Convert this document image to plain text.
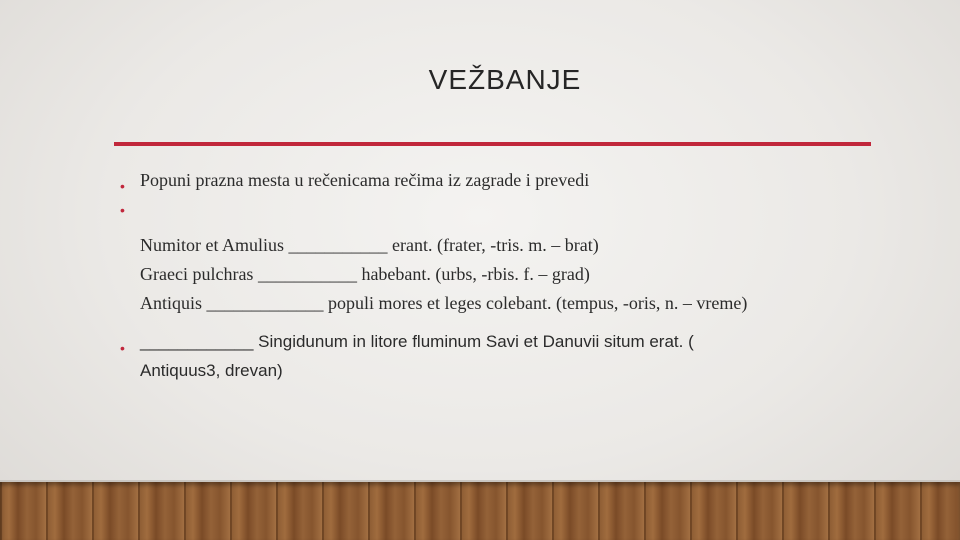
VEŽBANJE
• Popuni prazna mesta u rečenicama rečima iz zagrade i prevedi
•
Numitor et Amulius ___________ erant. (frater, -tris. m. – brat)
Graeci pulchras ___________ habebant. (urbs, -rbis. f. – grad)
Antiquis _____________ populi mores et leges colebant. (tempus, -oris, n. – vreme)
• ____________ Singidunum in litore fluminum Savi et Danuvii situm erat. (
Antiquus3, drevan)
